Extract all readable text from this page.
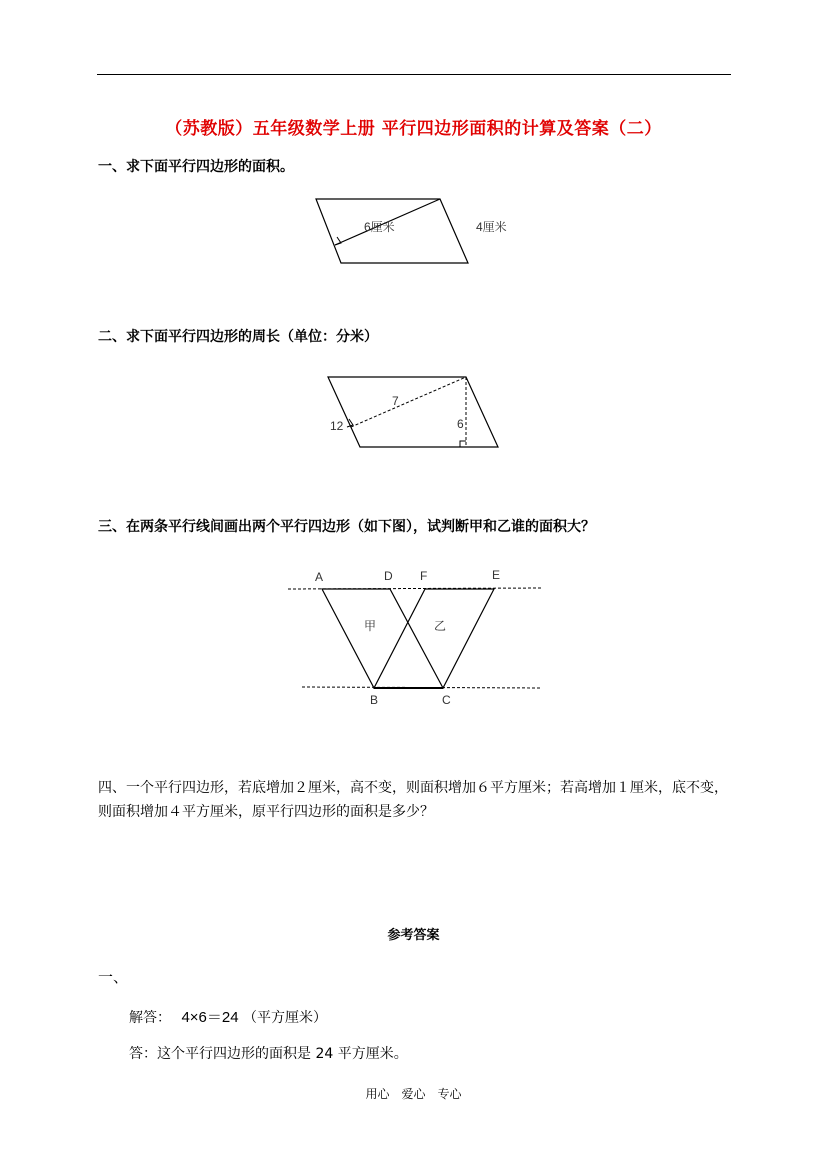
（苏教版）五年级数学上册 平行四边形面积的计算及答案（二）
一、求下面平行四边形的面积。
6厘米	4厘米
二、求下面平行四边形的周长（单位：分米）
7
12	6
三、在两条平行线间画出两个平行四边形（如下图），试判断甲和乙谁的面积大？
A	D F	E
B	C
甲	乙
四、一个平行四边形，若底增加２厘米，高不变，则面积增加６平方厘米；若高增加１厘米，底不变，则面积增加４平方厘米，原平行四边形的面积是多少？
参考答案
一、
解答： 4×6＝24 （平方厘米）
答：这个平行四边形的面积是 24 平方厘米。
用心　爱心　专心
